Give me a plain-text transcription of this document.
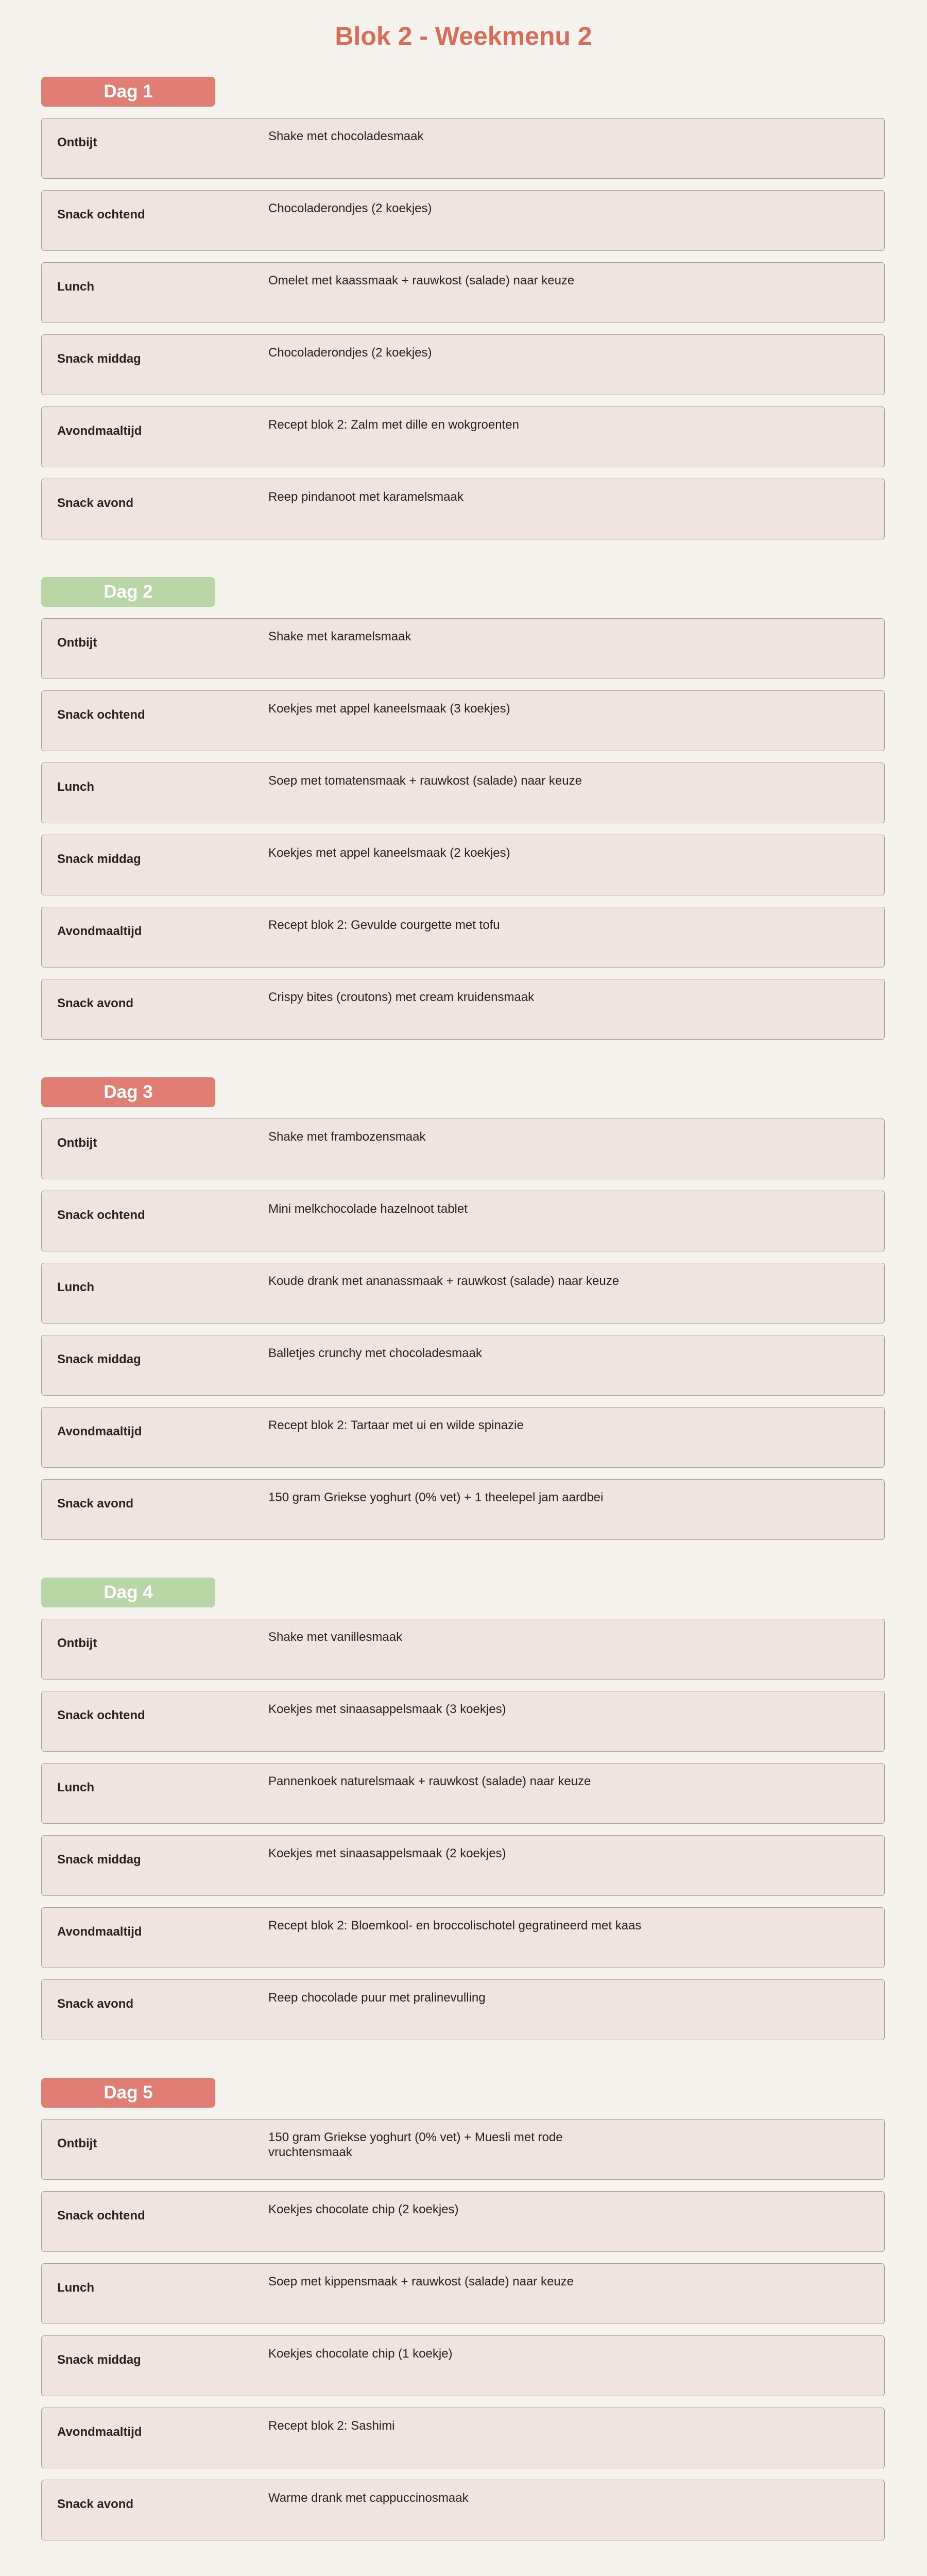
Blok 2 - Weekmenu 2
Dag 1
Ontbijt	Shake met chocoladesmaak
Snack ochtend	Chocoladerondjes (2 koekjes)
Lunch	Omelet met kaassmaak + rauwkost (salade) naar keuze
Snack middag	Chocoladerondjes (2 koekjes)
Avondmaaltijd	Recept blok 2: Zalm met dille en wokgroenten
Snack avond	Reep pindanoot met karamelsmaak
Dag 2
Ontbijt	Shake met karamelsmaak
Snack ochtend	Koekjes met appel kaneelsmaak (3 koekjes)
Lunch	Soep met tomatensmaak + rauwkost (salade) naar keuze
Snack middag	Koekjes met appel kaneelsmaak (2 koekjes)
Avondmaaltijd	Recept blok 2: Gevulde courgette met tofu
Snack avond	Crispy bites (croutons) met cream kruidensmaak
Dag 3
Ontbijt	Shake met frambozensmaak
Snack ochtend	Mini melkchocolade hazelnoot tablet
Lunch	Koude drank met ananassmaak + rauwkost (salade) naar keuze
Snack middag	Balletjes crunchy met chocoladesmaak
Avondmaaltijd	Recept blok 2: Tartaar met ui en wilde spinazie
Snack avond	150 gram Griekse yoghurt (0% vet) + 1 theelepel jam aardbei
Dag 4
Ontbijt	Shake met vanillesmaak
Snack ochtend	Koekjes met sinaasappelsmaak (3 koekjes)
Lunch	Pannenkoek naturelsmaak + rauwkost (salade) naar keuze
Snack middag	Koekjes met sinaasappelsmaak (2 koekjes)
Avondmaaltijd	Recept blok 2: Bloemkool- en broccolischotel gegratineerd met kaas
Snack avond	Reep chocolade puur met pralinevulling
Dag 5
Ontbijt	150 gram Griekse yoghurt (0% vet) + Muesli met rode vruchtensmaak
Snack ochtend	Koekjes chocolate chip (2 koekjes)
Lunch	Soep met kippensmaak + rauwkost (salade) naar keuze
Snack middag	Koekjes chocolate chip (1 koekje)
Avondmaaltijd	Recept blok 2: Sashimi
Snack avond	Warme drank met cappuccinosmaak
